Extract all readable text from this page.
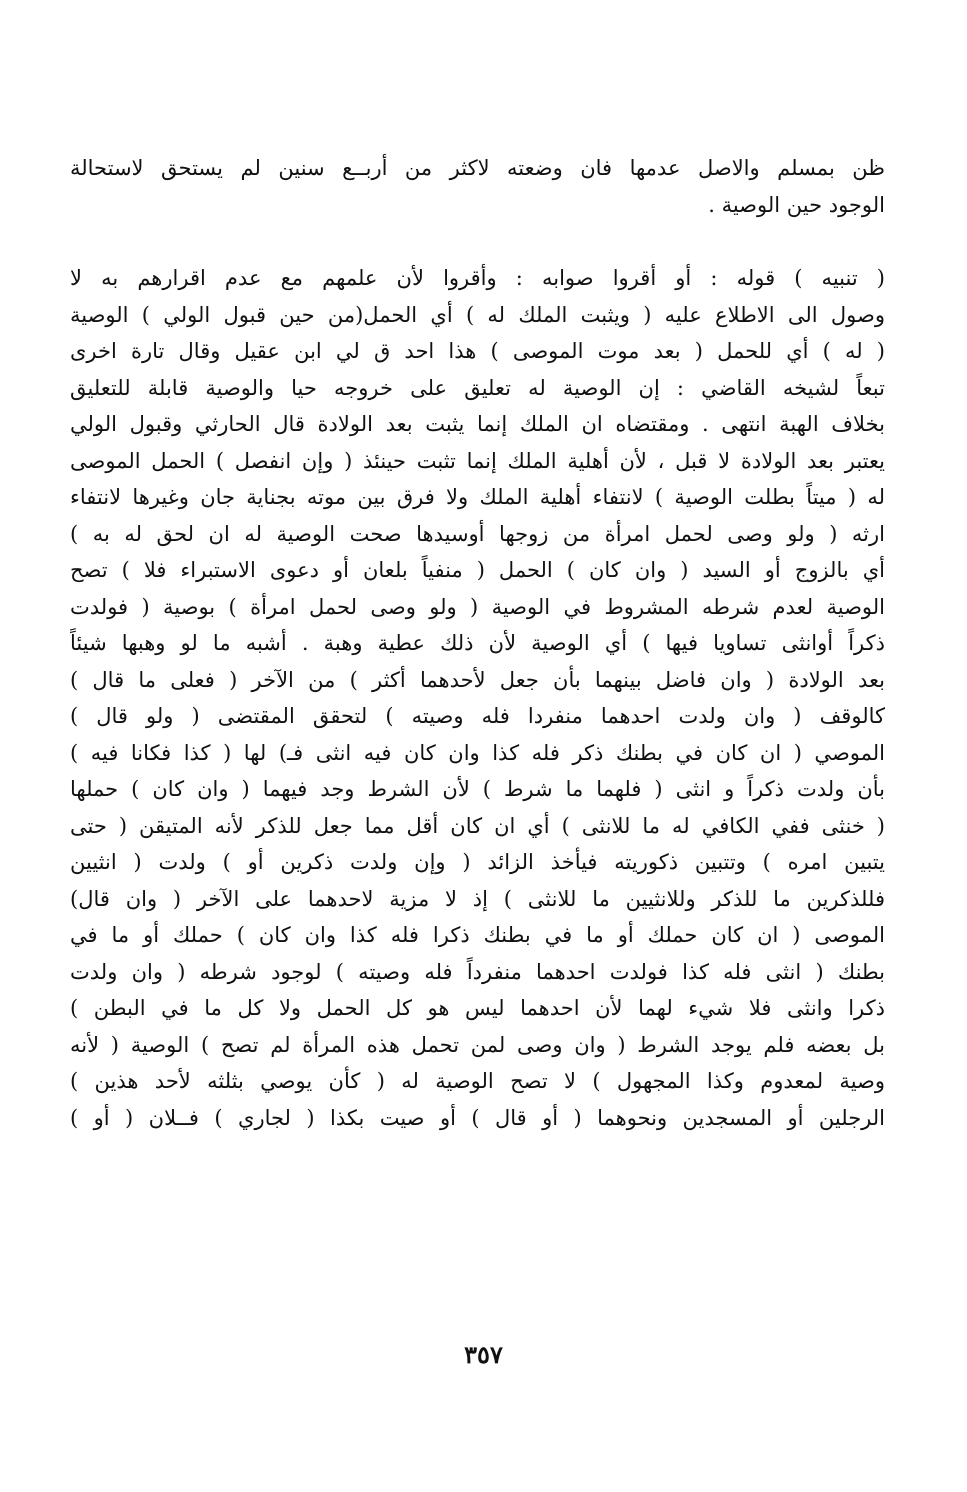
ظن بمسلم والاصل عدمها فان وضعته لاكثر من أربــع سنين لم يستحق لاستحالة
الوجود حين الوصية .
( تنبيه ) قوله : أو أقروا صوابه : وأقروا لأن علمهم مع عدم اقرارهم به لا
وصول الى الاطلاع عليه ( ويثبت الملك له ) أي الحمل(من حين قبول الولي ) الوصية
( له ) أي للحمل ( بعد موت الموصى ) هذا احد ق لي ابن عقيل وقال تارة اخرى
تبعاً لشيخه القاضي : إن الوصية له تعليق على خروجه حيا والوصية قابلة للتعليق
بخلاف الهبة انتهى . ومقتضاه ان الملك إنما يثبت بعد الولادة قال الحارثي وقبول الولي
يعتبر بعد الولادة لا قبل ، لأن أهلية الملك إنما تثبت حينئذ ( وإن انفصل ) الحمل الموصى
له ( ميتاً بطلت الوصية ) لانتفاء أهلية الملك ولا فرق بين موته بجناية جان وغيرها لانتفاء
ارثه ( ولو وصى لحمل امرأة من زوجها أوسيدها صحت الوصية له ان لحق له به )
أي بالزوج أو السيد ( وان كان ) الحمل ( منفياً بلعان أو دعوى الاستبراء فلا ) تصح
الوصية لعدم شرطه المشروط في الوصية ( ولو وصى لحمل امرأة ) بوصية ( فولدت
ذكراً أوانثى تساويا فيها ) أي الوصية لأن ذلك عطية وهبة . أشبه ما لو وهبها شيئاً
بعد الولادة ( وان فاضل بينهما بأن جعل لأحدهما أكثر ) من الآخر ( فعلى ما قال )
كالوقف ( وان ولدت احدهما منفردا فله وصيته ) لتحقق المقتضى ( ولو قال )
الموصي ( ان كان في بطنك ذكر فله كذا وان كان فيه انثى فـ) لها ( كذا فكانا فيه )
بأن ولدت ذكراً و انثى ( فلهما ما شرط ) لأن الشرط وجد فيهما ( وان كان ) حملها
( خنثى ففي الكافي له ما للانثى ) أي ان كان أقل مما جعل للذكر لأنه المتيقن ( حتى
يتبين امره ) وتتبين ذكوريته فيأخذ الزائد ( وإن ولدت ذكرين أو ) ولدت ( انثيين
فللذكرين ما للذكر وللانثيين ما للانثى ) إذ لا مزية لاحدهما على الآخر ( وان قال)
الموصى ( ان كان حملك أو ما في بطنك ذكرا فله كذا وان كان ) حملك أو ما في
بطنك ( انثى فله كذا فولدت احدهما منفرداً فله وصيته ) لوجود شرطه ( وان ولدت
ذكرا وانثى فلا شيء لهما لأن احدهما ليس هو كل الحمل ولا كل ما في البطن )
بل بعضه فلم يوجد الشرط ( وان وصى لمن تحمل هذه المرأة لم تصح ) الوصية ( لأنه
وصية لمعدوم وكذا المجهول ) لا تصح الوصية له ( كأن يوصي بثلثه لأحد هذين )
الرجلين أو المسجدين ونحوهما ( أو قال ) أو صيت بكذا ( لجاري ) فــلان ( أو )
٣٥٧
